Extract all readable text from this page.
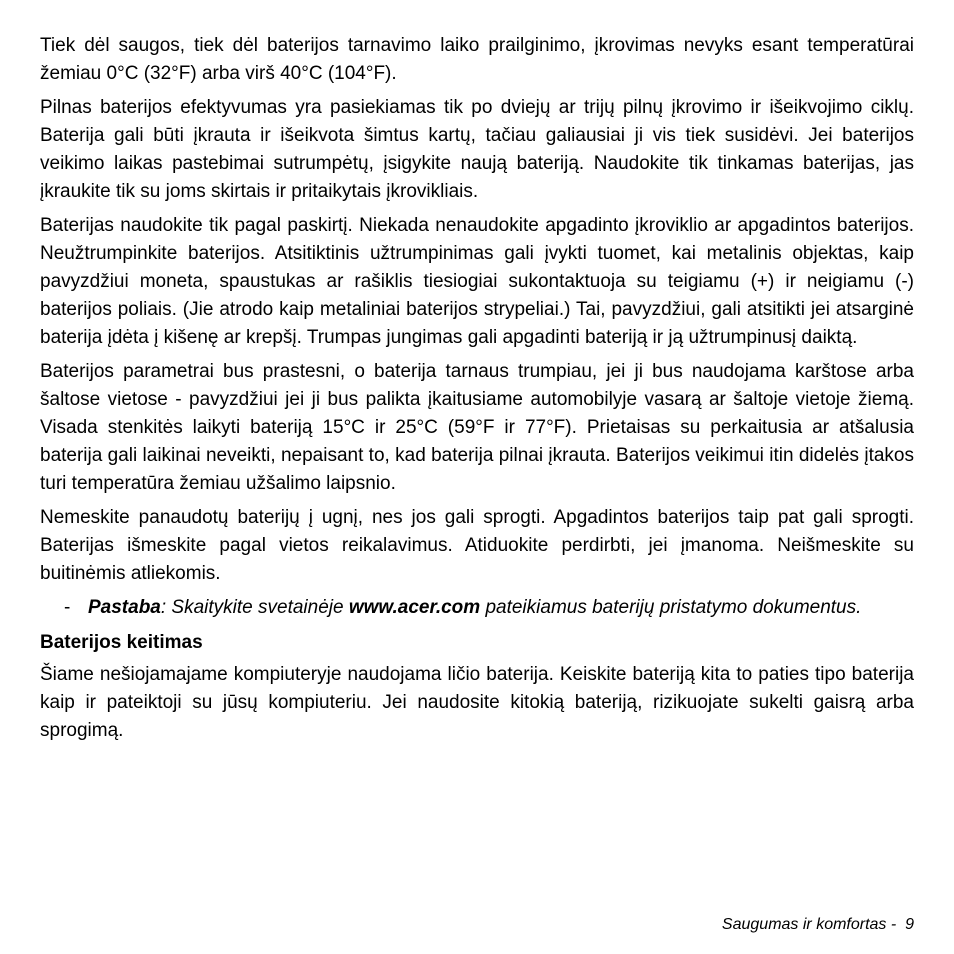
Tiek dėl saugos, tiek dėl baterijos tarnavimo laiko prailginimo, įkrovimas nevyks esant temperatūrai žemiau 0°C (32°F) arba virš 40°C (104°F).

Pilnas baterijos efektyvumas yra pasiekiamas tik po dviejų ar trijų pilnų įkrovimo ir išeikvojimo ciklų. Baterija gali būti įkrauta ir išeikvota šimtus kartų, tačiau galiausiai ji vis tiek susidėvi. Jei baterijos veikimo laikas pastebimai sutrumpėtų, įsigykite naują bateriją. Naudokite tik tinkamas baterijas, jas įkraukite tik su joms skirtais ir pritaikytais įkrovikliais.

Baterijas naudokite tik pagal paskirtį. Niekada nenaudokite apgadinto įkroviklio ar apgadintos baterijos. Neužtrumpinkite baterijos. Atsitiktinis užtrumpinimas gali įvykti tuomet, kai metalinis objektas, kaip pavyzdžiui moneta, spaustukas ar rašiklis tiesiogiai sukontaktuoja su teigiamu (+) ir neigiamu (-) baterijos poliais. (Jie atrodo kaip metaliniai baterijos strypeliai.) Tai, pavyzdžiui, gali atsitikti jei atsarginė baterija įdėta į kišenę ar krepšį. Trumpas jungimas gali apgadinti bateriją ir ją užtrumpinusį daiktą.

Baterijos parametrai bus prastesni, o baterija tarnaus trumpiau, jei ji bus naudojama karštose arba šaltose vietose - pavyzdžiui jei ji bus palikta įkaitusiame automobilyje vasarą ar šaltoje vietoje žiemą. Visada stenkitės laikyti bateriją 15°C ir 25°C (59°F ir 77°F). Prietaisas su perkaitusia ar atšalusia baterija gali laikinai neveikti, nepaisant to, kad baterija pilnai įkrauta. Baterijos veikimui itin didelės įtakos turi temperatūra žemiau užšalimo laipsnio.

Nemeskite panaudotų baterijų į ugnį, nes jos gali sprogti. Apgadintos baterijos taip pat gali sprogti. Baterijas išmeskite pagal vietos reikalavimus. Atiduokite perdirbti, jei įmanoma. Neišmeskite su buitinėmis atliekomis.

- Pastaba: Skaitykite svetainėje www.acer.com pateikiamus baterijų pristatymo dokumentus.

Baterijos keitimas

Šiame nešiojamajame kompiuteryje naudojama ličio baterija. Keiskite bateriją kita to paties tipo baterija kaip ir pateiktoji su jūsų kompiuteriu. Jei naudosite kitokią bateriją, rizikuojate sukelti gaisrą arba sprogimą.

Saugumas ir komfortas - 9
